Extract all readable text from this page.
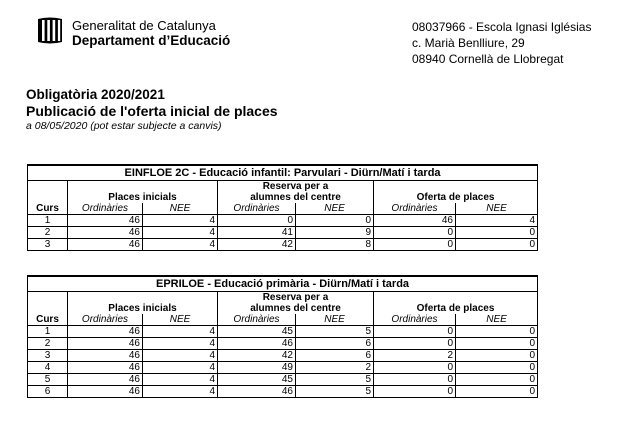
Generalitat de Catalunya
Departament d’Educació
08037966 - Escola Ignasi Iglésias
c. Marià Benlliure, 29
08940 Cornellà de Llobregat
Obligatòria 2020/2021
Publicació de l'oferta inicial de places
a 08/05/2020 (pot estar subjecte a canvis)
EINFLOE 2C - Educació infantil: Parvulari - Diürn/Matí i tarda						
			Reserva per a			
	Places inicials		alumnes del centre		Oferta de places	
Curs	Ordinàries	NEE	Ordinàries	NEE	Ordinàries	NEE
1	46	4	0	0	46	4
2	46	4	41	9	0	0
3	46	4	42	8	0	0
EPRILOE - Educació primària - Diürn/Matí i tarda						
			Reserva per a			
	Places inicials		alumnes del centre		Oferta de places	
Curs	Ordinàries	NEE	Ordinàries	NEE	Ordinàries	NEE
1	46	4	45	5	0	0
2	46	4	46	6	0	0
3	46	4	42	6	2	0
4	46	4	49	2	0	0
5	46	4	45	5	0	0
6	46	4	46	5	0	0
